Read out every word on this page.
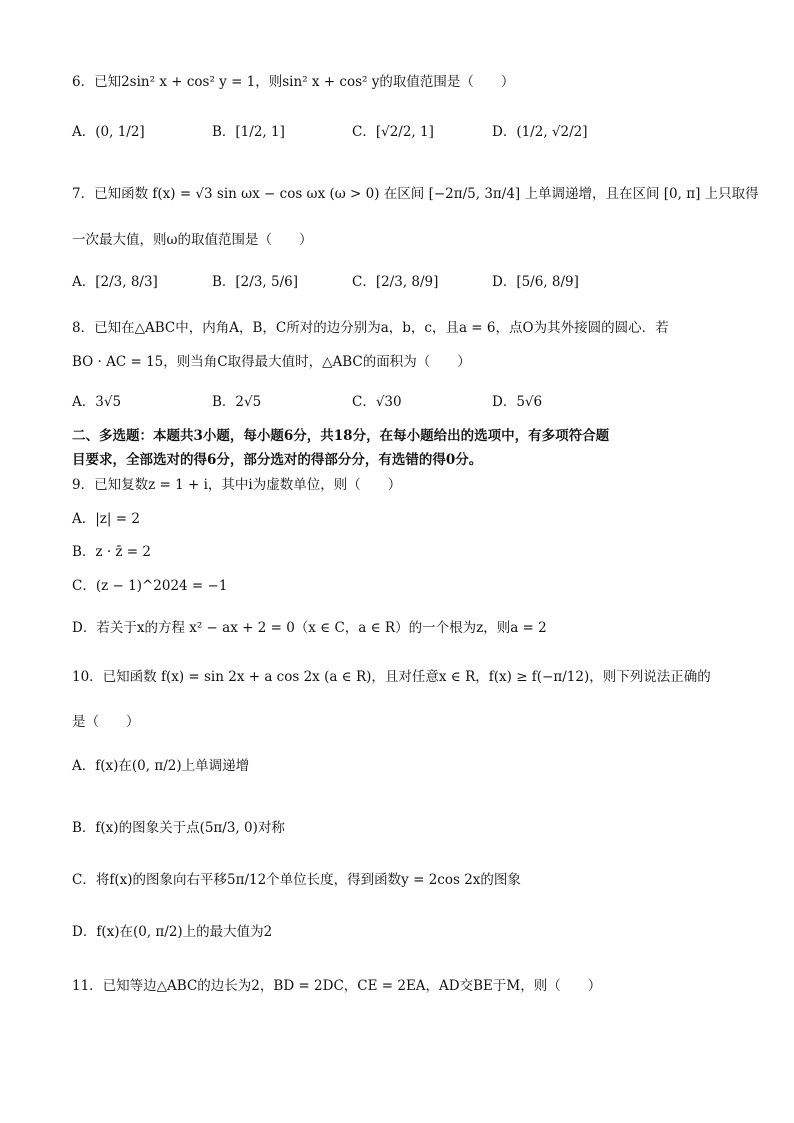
6．已知2sin² x + cos² y = 1，则sin² x + cos² y的取值范围是（　　）
A．(0, 1/2]	B．[1/2, 1]	C．[√2/2, 1]	D．(1/2, √2/2]
7．已知函数 f(x) = √3 sin ωx − cos ωx (ω > 0) 在区间 [−2π/5, 3π/4] 上单调递增，且在区间 [0, π] 上只取得
一次最大值，则ω的取值范围是（　　）
A．[2/3, 8/3]	B．[2/3, 5/6]	C．[2/3, 8/9]	D．[5/6, 8/9]
8．已知在△ABC中，内角A，B，C所对的边分别为a，b，c，且a = 6，点O为其外接圆的圆心．若
BO · AC = 15，则当角C取得最大值时，△ABC的面积为（　　）
A．3√5	B．2√5	C．√30	D．5√6
二、多选题：本题共3小题，每小题6分，共18分，在每小题给出的选项中，有多项符合题
目要求，全部选对的得6分，部分选对的得部分分，有选错的得0分。
9．已知复数z = 1 + i，其中i为虚数单位，则（　　）
A．|z| = 2
B．z · z̄ = 2
C．(z − 1)^2024 = −1
D．若关于x的方程 x² − ax + 2 = 0（x ∈ C，a ∈ R）的一个根为z，则a = 2
10．已知函数 f(x) = sin 2x + a cos 2x (a ∈ R)，且对任意x ∈ R，f(x) ≥ f(−π/12)，则下列说法正确的
是（　　）
A．f(x)在(0, π/2)上单调递增
B．f(x)的图象关于点(5π/3, 0)对称
C．将f(x)的图象向右平移5π/12个单位长度，得到函数y = 2cos 2x的图象
D．f(x)在(0, π/2)上的最大值为2
11．已知等边△ABC的边长为2，BD = 2DC，CE = 2EA，AD交BE于M，则（　　）
